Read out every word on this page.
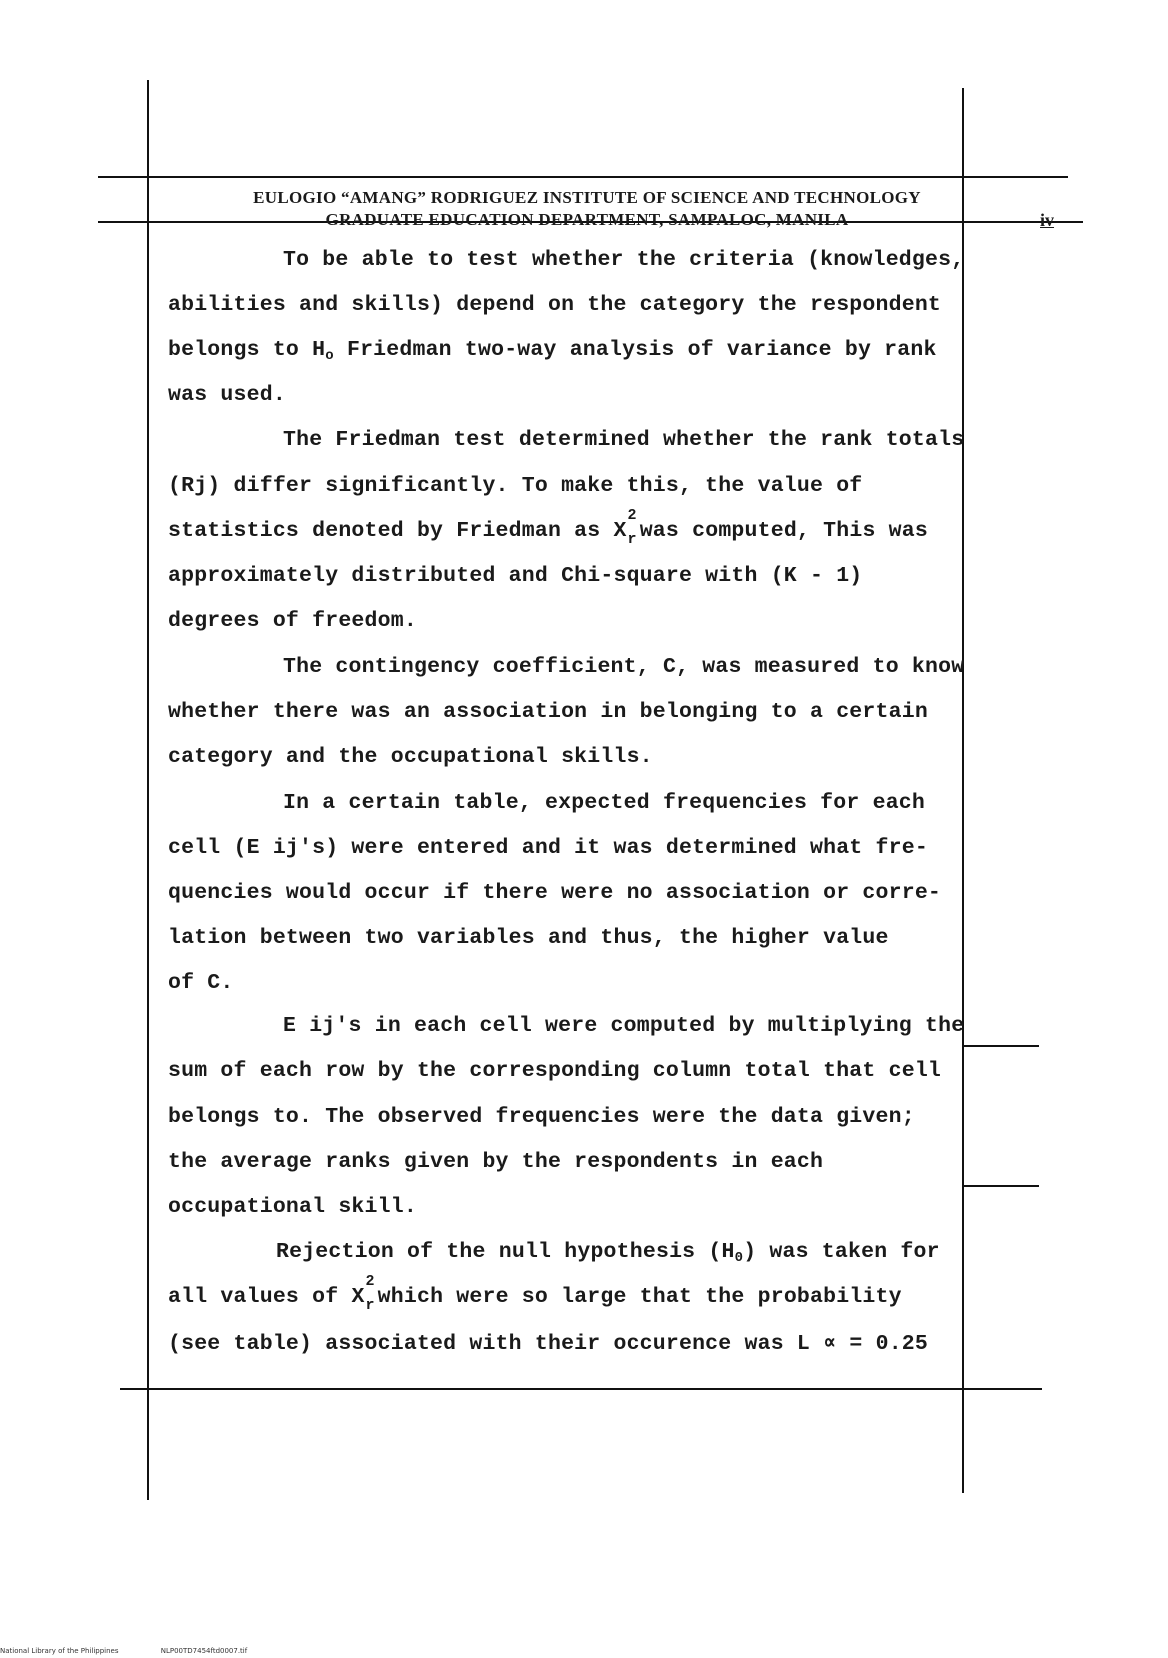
EULOGIO “AMANG” RODRIGUEZ INSTITUTE OF SCIENCE AND TECHNOLOGY
GRADUATE EDUCATION DEPARTMENT, SAMPALOC, MANILA	iv
To be able to test whether the criteria (knowledges,
abilities and skills) depend on the category the respondent
belongs to Ho Friedman two-way analysis of variance by rank
was used.
The Friedman test determined whether the rank totals
(Rj) differ significantly. To make this, the value of
statistics denoted by Friedman as X
2
r was computed, This was
approximately distributed and Chi-square with (K - 1)
degrees of freedom.
The contingency coefficient, C, was measured to know
whether there was an association in belonging to a certain
category and the occupational skills.
In a certain table, expected frequencies for each
cell (E ij's) were entered and it was determined what fre-
quencies would occur if there were no association or corre-
lation between two variables and thus, the higher value
of C.
E ij's in each cell were computed by multiplying the
sum of each row by the corresponding column total that cell
belongs to. The observed frequencies were the data given;
the average ranks given by the respondents in each
occupational skill.
Rejection of the null hypothesis (H0) was taken for
all values of X
2
r which were so large that the probability
(see table) associated with their occurence was L ∝ = 0.25
National Library of the Philippines	NLP00TD7454ftd0007.tif
